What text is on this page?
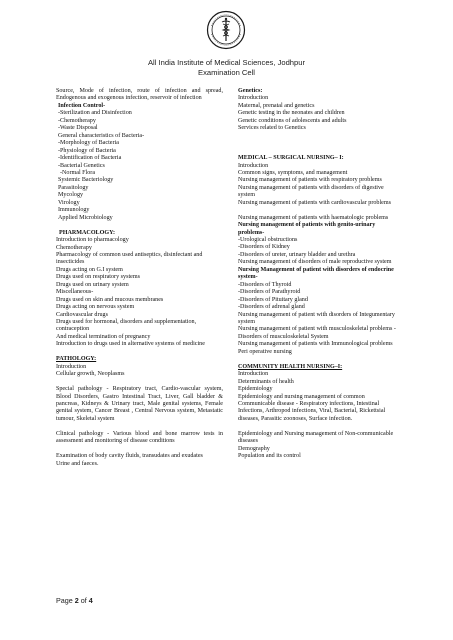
All India Institute of Medical Sciences, Jodhpur
Examination Cell
Source, Mode of infection, route of infection and spread, Endogenous and exogenous infection, reservoir of infection
Infection Control-
-Sterilization and Disinfection
-Chemotherapy
-Waste Disposal
General characteristics of Bacteria-
-Morphology of Bacteria
-Physiology of Bacteria
-Identification of Bacteria
-Bacterial Genetics
-Normal Flora
Systemic Bacteriology
Parasitology
Mycology
Virology
Immunology
Applied Microbiology
PHARMACOLOGY:
Introduction to pharmacology
Chemotherapy
Pharmacology of common used antiseptics, disinfectant and insecticides
Drugs acting on G.I system
Drugs used on respiratory systems
Drugs used on urinary system
Miscellaneous-
Drugs used on skin and mucous membranes
Drugs acting on nervous system
Cardiovascular drugs
Drugs used for hormonal, disorders and supplementation, contraception
And medical termination of pregnancy
Introduction to drugs used in alternative systems of medicine
PATHOLOGY:
Introduction
Cellular growth, Neoplasms
Special pathology - Respiratory tract, Cardio-vascular system, Blood Disorders, Gastro Intestinal Tract, Liver, Gall bladder & pancreas, Kidneys & Urinary tract, Male genital systems, Female genital system, Cancer Breast , Central Nervous system, Metastatic tumour, Skeletal system
Clinical pathology - Various blood and bone marrow tests in assessment and monitoring of disease conditions
Examination of body cavity fluids, transudates and exudates
Urine and faeces.
Genetics:
Introduction
Maternal, prenatal and genetics
Genetic testing in the neonates and children
Genetic conditions of adolescents and adults
Services related to Genetics
MEDICAL – SURGICAL NURSING– I:
Introduction
Common signs, symptoms, and management
Nursing management of patients with respiratory problems
Nursing management of patients with disorders of digestive system
Nursing management of patients with cardiovascular problems
Nursing management of patients with haematologic problems
Nursing management of patients with genito-urinary problems-
-Urological obstructions
-Disorders of Kidney
-Disorders of ureter, urinary bladder and urethra
Nursing management of disorders of male reproductive system
Nursing Management of patient with disorders of endocrine system-
-Disorders of Thyroid
-Disorders of Parathyroid
-Disorders of Pituitary gland
-Disorders of adrenal gland
Nursing management of patient with disorders of Integumentary system
Nursing management of patient with musculoskeletal problems - Disorders of musculoskeletal System
Nursing management of patients with Immunological problems
Peri operative nursing
COMMUNITY HEALTH NURSING–I:
Introduction
Determinants of health
Epidemiology
Epidemiology and nursing management of common Communicable disease - Respiratory infections, Intestinal Infections, Arthropod infections, Viral, Bacterial, Rickettsial diseases, Parasitic zoonoses, Surface infection.
Epidemiology and Nursing management of Non-communicable diseases
Demography
Population and its control
Page 2 of 4
